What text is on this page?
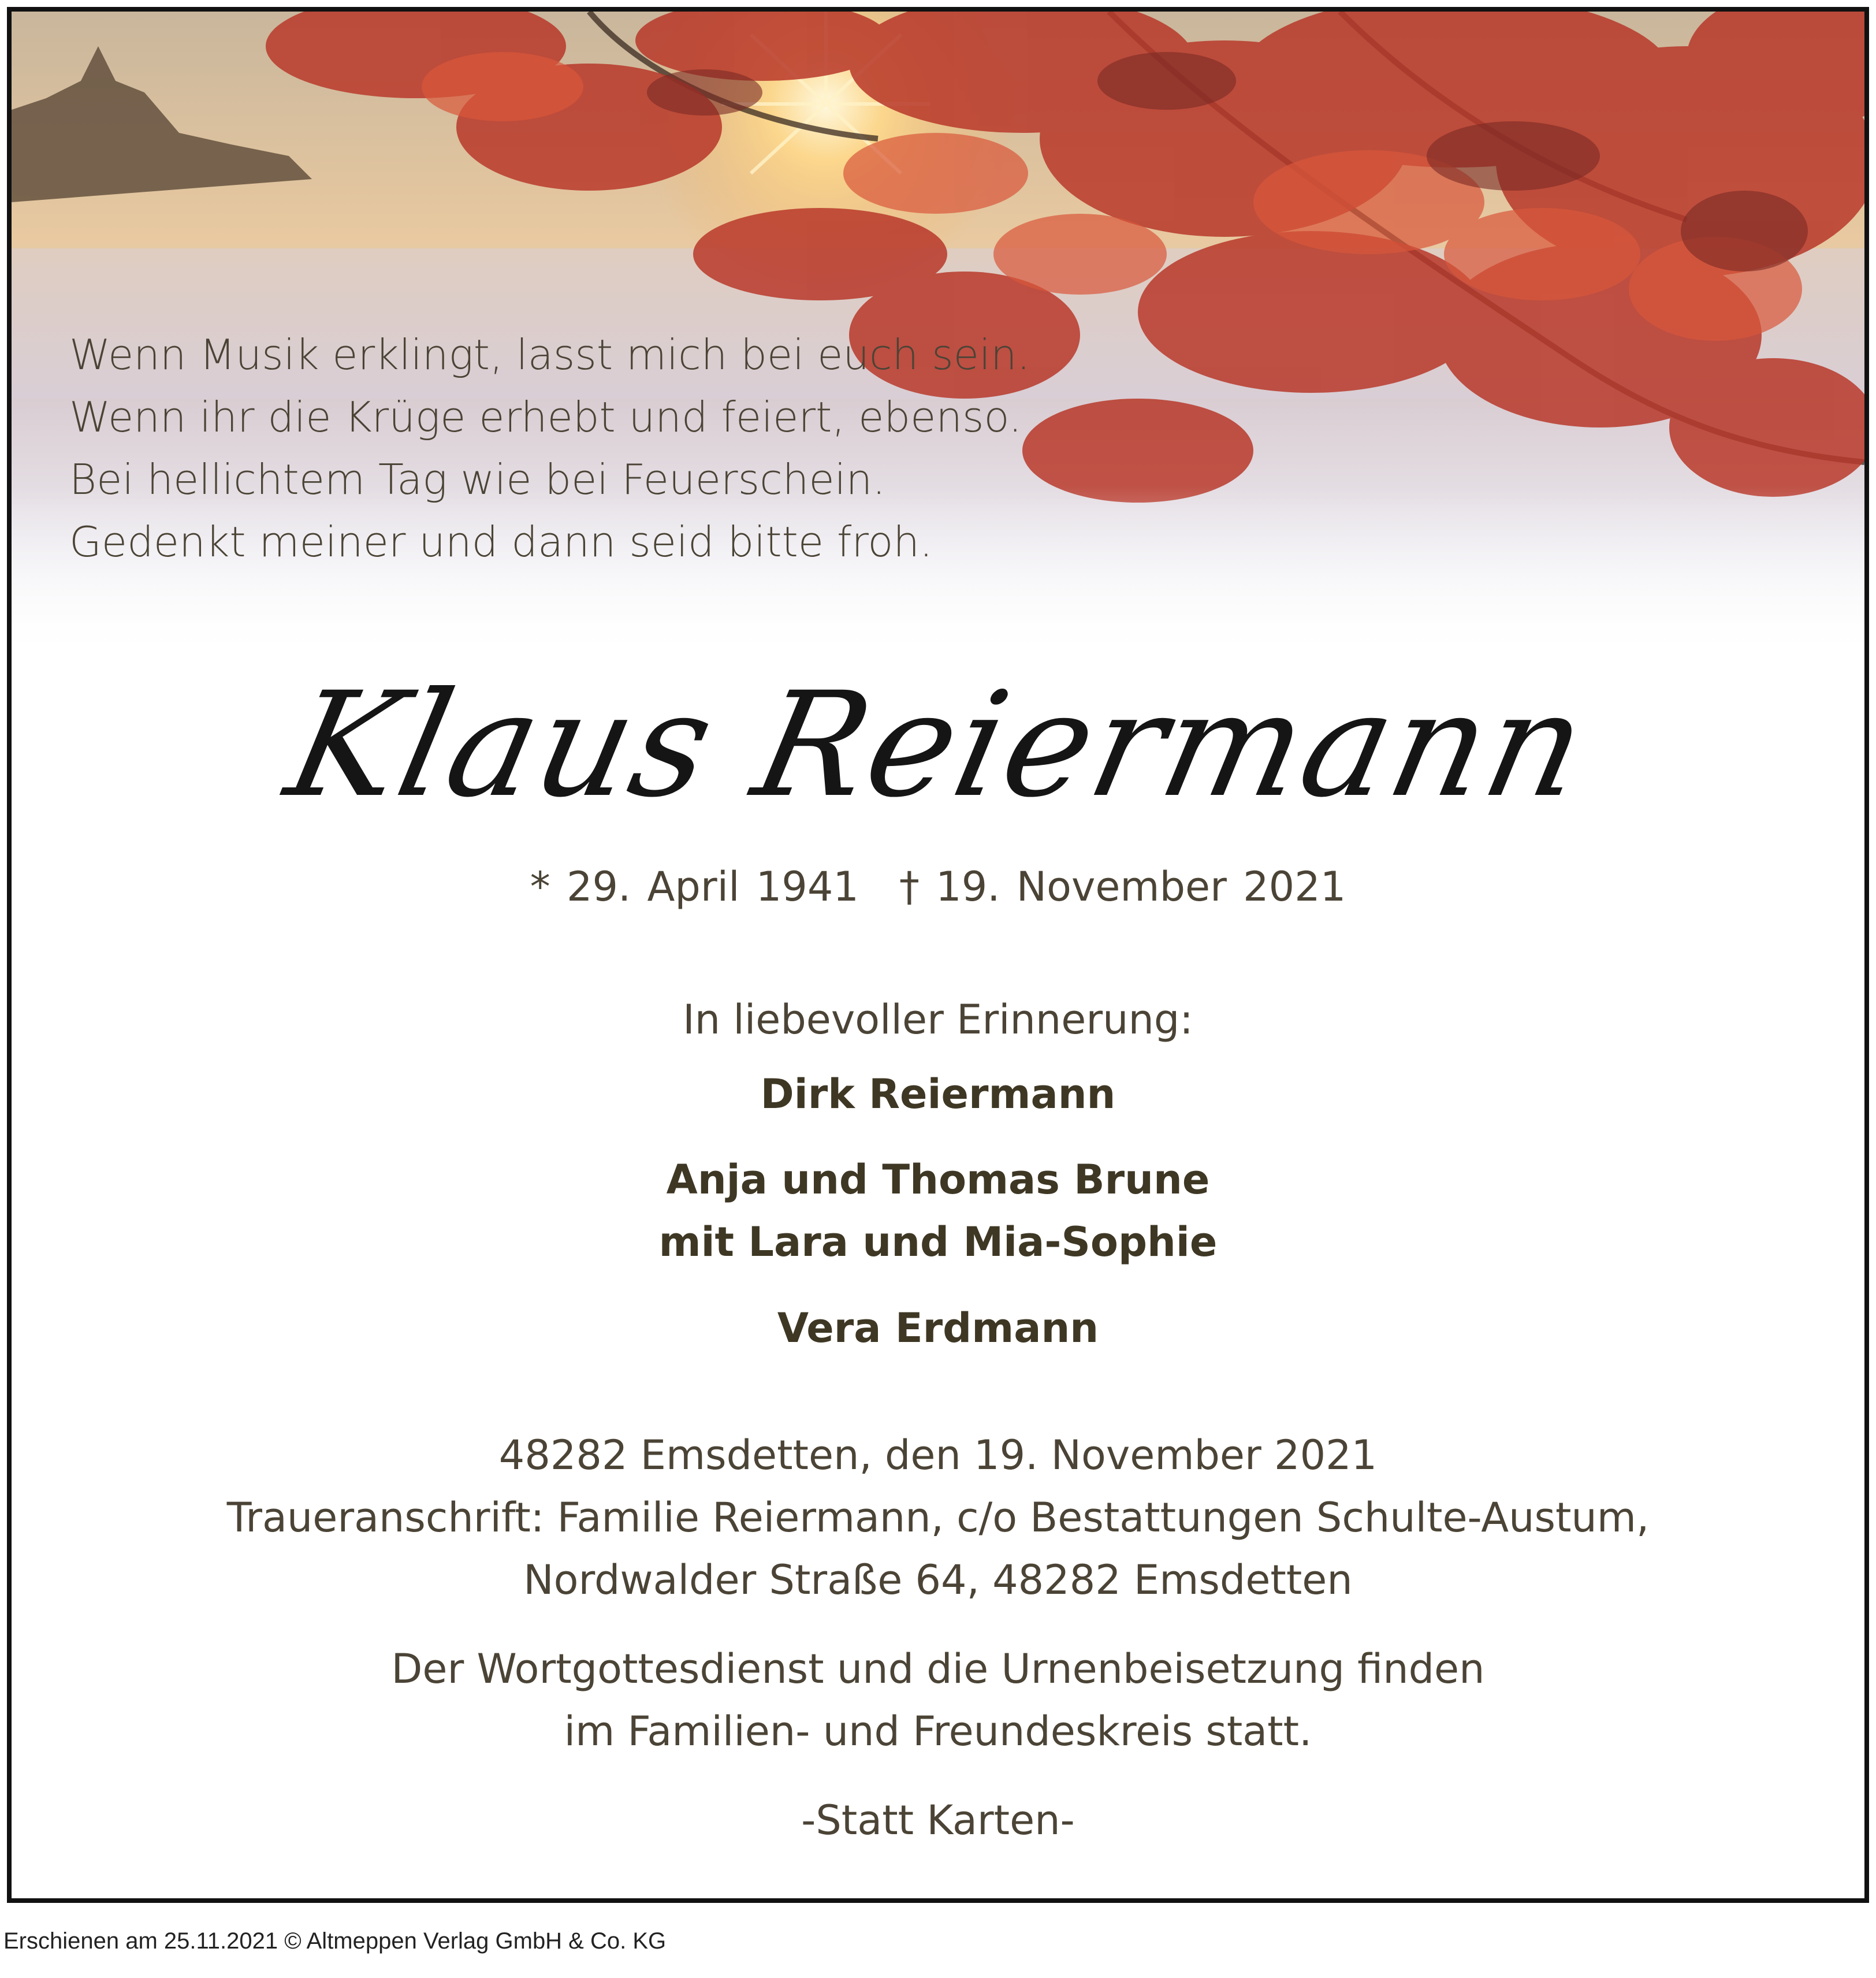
Wenn Musik erklingt, lasst mich bei euch sein.
Wenn ihr die Krüge erhebt und feiert, ebenso.
Bei hellichtem Tag wie bei Feuerschein.
Gedenkt meiner und dann seid bitte froh.
Klaus Reiermann
* 29. April 1941 † 19. November 2021
In liebevoller Erinnerung:
Dirk Reiermann
Anja und Thomas Brune
mit Lara und Mia-Sophie
Vera Erdmann
48282 Emsdetten, den 19. November 2021
Traueranschrift: Familie Reiermann, c/o Bestattungen Schulte-Austum,
Nordwalder Straße 64, 48282 Emsdetten
Der Wortgottesdienst und die Urnenbeisetzung finden
im Familien- und Freundeskreis statt.
-Statt Karten-
Erschienen am 25.11.2021 © Altmeppen Verlag GmbH & Co. KG
